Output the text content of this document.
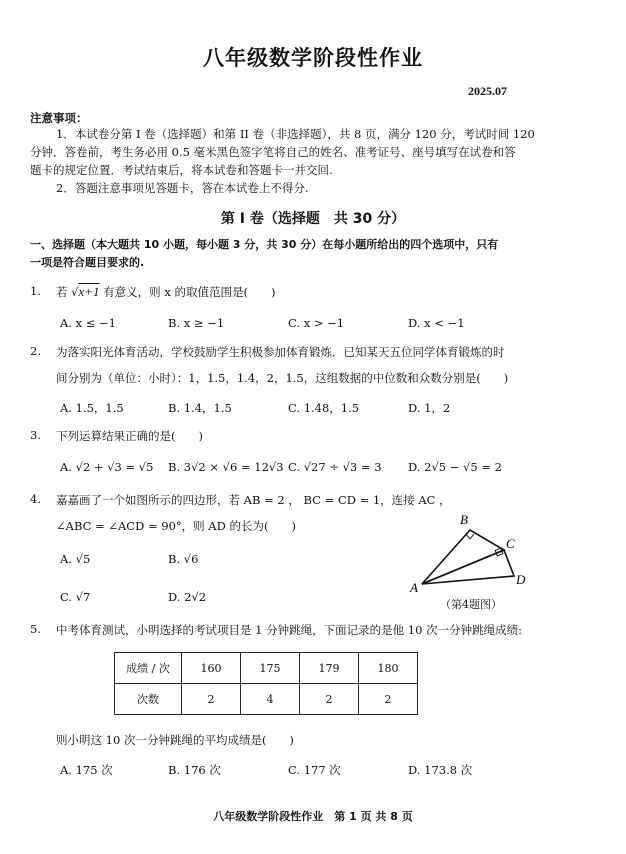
八年级数学阶段性作业
2025.07
注意事项：
1．本试卷分第 I 卷（选择题）和第 II 卷（非选择题），共 8 页，满分 120 分，考试时间 120
分钟．答卷前，考生务必用 0.5 毫米黑色签字笔将自己的姓名、准考证号、座号填写在试卷和答
题卡的规定位置．考试结束后，将本试卷和答题卡一并交回.
2．答题注意事项见答题卡，答在本试卷上不得分.
第 I 卷（选择题　共 30 分）
一、选择题（本大题共 10 小题，每小题 3 分，共 30 分）在每小题所给出的四个选项中，只有
一项是符合题目要求的.
1. 若 √x+1 有意义，则 x 的取值范围是(　　)
A. x ≤ −1	B. x ≥ −1	C. x > −1	D. x < −1
2. 为落实阳光体育活动，学校鼓励学生积极参加体育锻炼．已知某天五位同学体育锻炼的时
间分别为（单位：小时）：1，1.5，1.4，2，1.5，这组数据的中位数和众数分别是(　　)
A. 1.5，1.5	B. 1.4，1.5	C. 1.48，1.5	D. 1，2
3. 下列运算结果正确的是(　　)
A. √2 + √3 = √5 B. 3√2 × √6 = 12√3 C. √27 ÷ √3 = 3 D. 2√5 − √5 = 2
4. 嘉嘉画了一个如图所示的四边形，若 AB = 2 ， BC = CD = 1，连接 AC ，
∠ABC = ∠ACD = 90°，则 AD 的长为(　　)
A. √5	B. √6
C. √7	D. 2√2
B
C
A
D
（第4题图）
5. 中考体育测试，小明选择的考试项目是 1 分钟跳绳，下面记录的是他 10 次一分钟跳绳成绩:
成绩 / 次	160	175	179	180
次数	2	4	2	2
则小明这 10 次一分钟跳绳的平均成绩是(　　)
A. 175 次	B. 176 次	C. 177 次	D. 173.8 次
八年级数学阶段性作业　第 1 页 共 8 页
